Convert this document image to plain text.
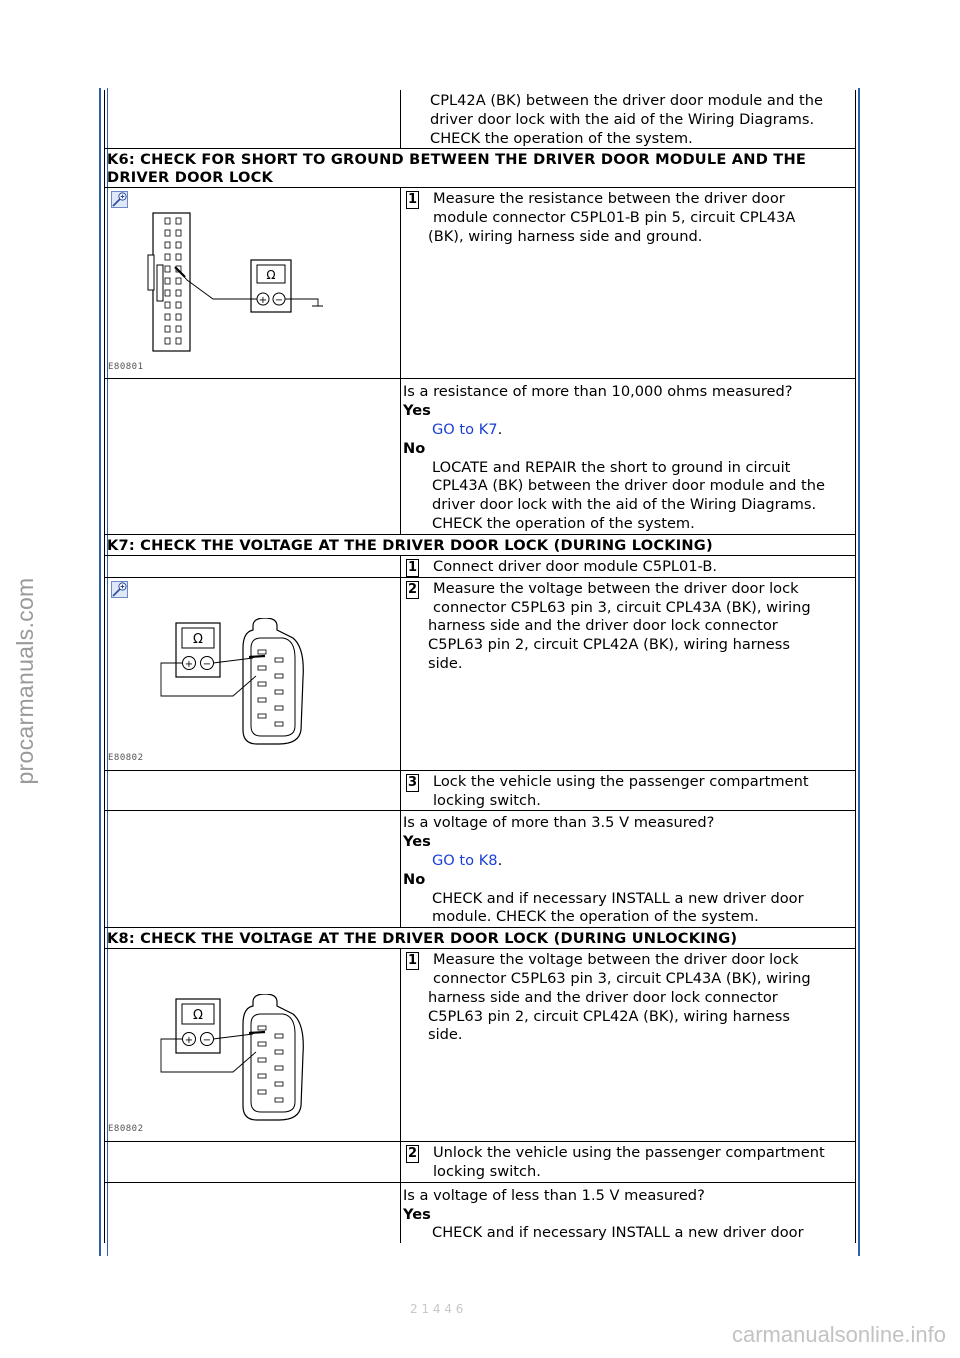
procarmanuals.com
carmanualsonline.info
2 1 4 4 6
CPL42A (BK) between the driver door module and the
driver door lock with the aid of the Wiring Diagrams.
CHECK the operation of the system.
K6: CHECK FOR SHORT TO GROUND BETWEEN THE DRIVER DOOR MODULE AND THE
DRIVER DOOR LOCK
Ω
+ −
E80801
1 Measure the resistance between the driver door
module connector C5PL01-B pin 5, circuit CPL43A
(BK), wiring harness side and ground.
Is a resistance of more than 10,000 ohms measured?
Yes
GO to K7.
No
LOCATE and REPAIR the short to ground in circuit
CPL43A (BK) between the driver door module and the
driver door lock with the aid of the Wiring Diagrams.
CHECK the operation of the system.
K7: CHECK THE VOLTAGE AT THE DRIVER DOOR LOCK (DURING LOCKING)
1 Connect driver door module C5PL01-B.
Ω
+ −
E80802
2 Measure the voltage between the driver door lock
connector C5PL63 pin 3, circuit CPL43A (BK), wiring
harness side and the driver door lock connector
C5PL63 pin 2, circuit CPL42A (BK), wiring harness
side.
3 Lock the vehicle using the passenger compartment
locking switch.
Is a voltage of more than 3.5 V measured?
Yes
GO to K8.
No
CHECK and if necessary INSTALL a new driver door
module. CHECK the operation of the system.
K8: CHECK THE VOLTAGE AT THE DRIVER DOOR LOCK (DURING UNLOCKING)
Ω
+ −
E80802
1 Measure the voltage between the driver door lock
connector C5PL63 pin 3, circuit CPL43A (BK), wiring
harness side and the driver door lock connector
C5PL63 pin 2, circuit CPL42A (BK), wiring harness
side.
2 Unlock the vehicle using the passenger compartment
locking switch.
Is a voltage of less than 1.5 V measured?
Yes
CHECK and if necessary INSTALL a new driver door
